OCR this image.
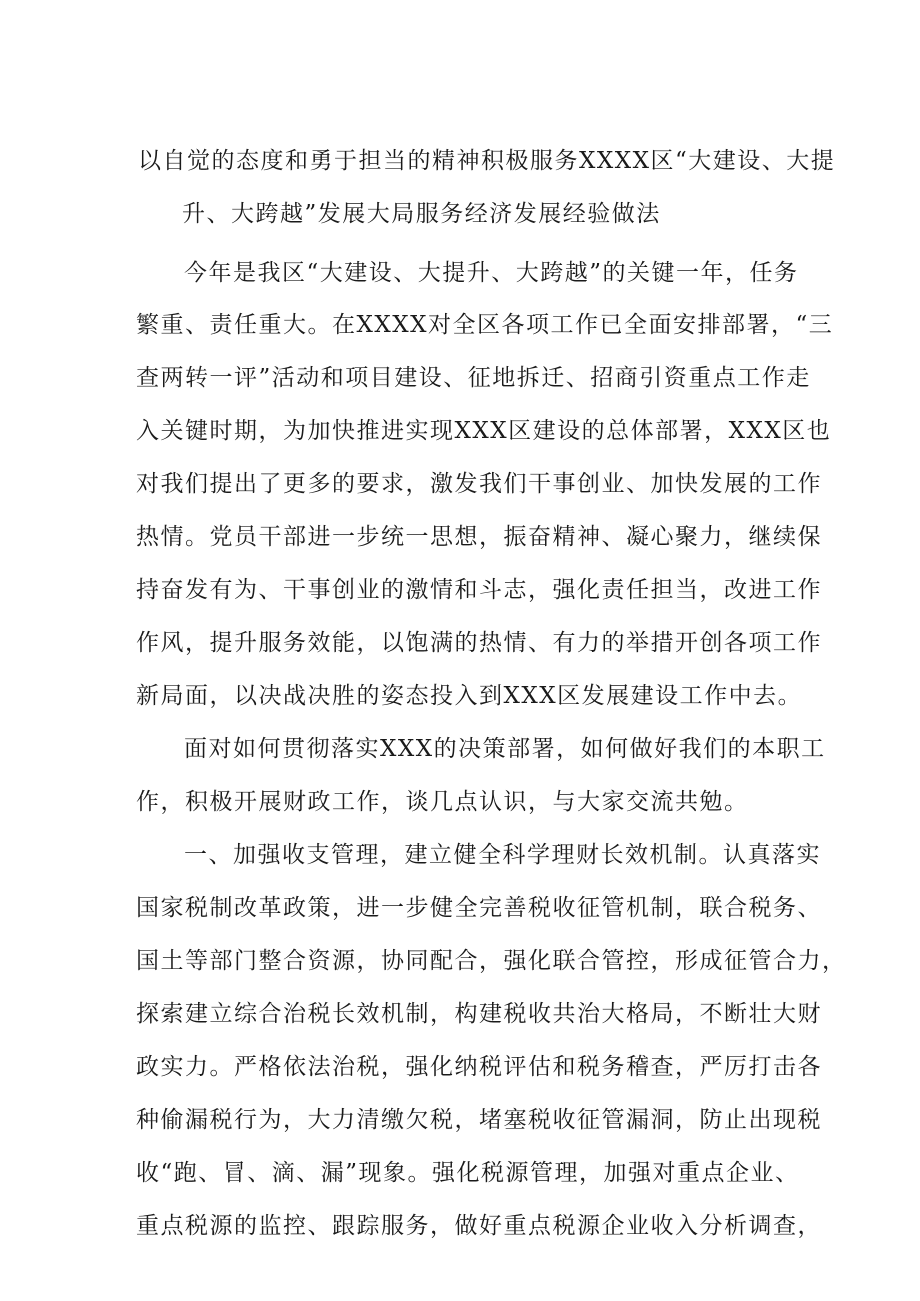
以自觉的态度和勇于担当的精神积极服务XXXX区“大建设、大提
升、大跨越”发展大局服务经济发展经验做法
今年是我区“大建设、大提升、大跨越”的关键一年，任务
繁重、责任重大。在XXXX对全区各项工作已全面安排部署，“三
查两转一评”活动和项目建设、征地拆迁、招商引资重点工作走
入关键时期，为加快推进实现XXX区建设的总体部署，XXX区也
对我们提出了更多的要求，激发我们干事创业、加快发展的工作
热情。党员干部进一步统一思想，振奋精神、凝心聚力，继续保
持奋发有为、干事创业的激情和斗志，强化责任担当，改进工作
作风，提升服务效能，以饱满的热情、有力的举措开创各项工作
新局面，以决战决胜的姿态投入到XXX区发展建设工作中去。
面对如何贯彻落实XXX的决策部署，如何做好我们的本职工
作，积极开展财政工作，谈几点认识，与大家交流共勉。
一、加强收支管理，建立健全科学理财长效机制。认真落实
国家税制改革政策，进一步健全完善税收征管机制，联合税务、
国土等部门整合资源，协同配合，强化联合管控，形成征管合力，
探索建立综合治税长效机制，构建税收共治大格局，不断壮大财
政实力。严格依法治税，强化纳税评估和税务稽查，严厉打击各
种偷漏税行为，大力清缴欠税，堵塞税收征管漏洞，防止出现税
收“跑、冒、滴、漏”现象。强化税源管理，加强对重点企业、
重点税源的监控、跟踪服务，做好重点税源企业收入分析调查，
